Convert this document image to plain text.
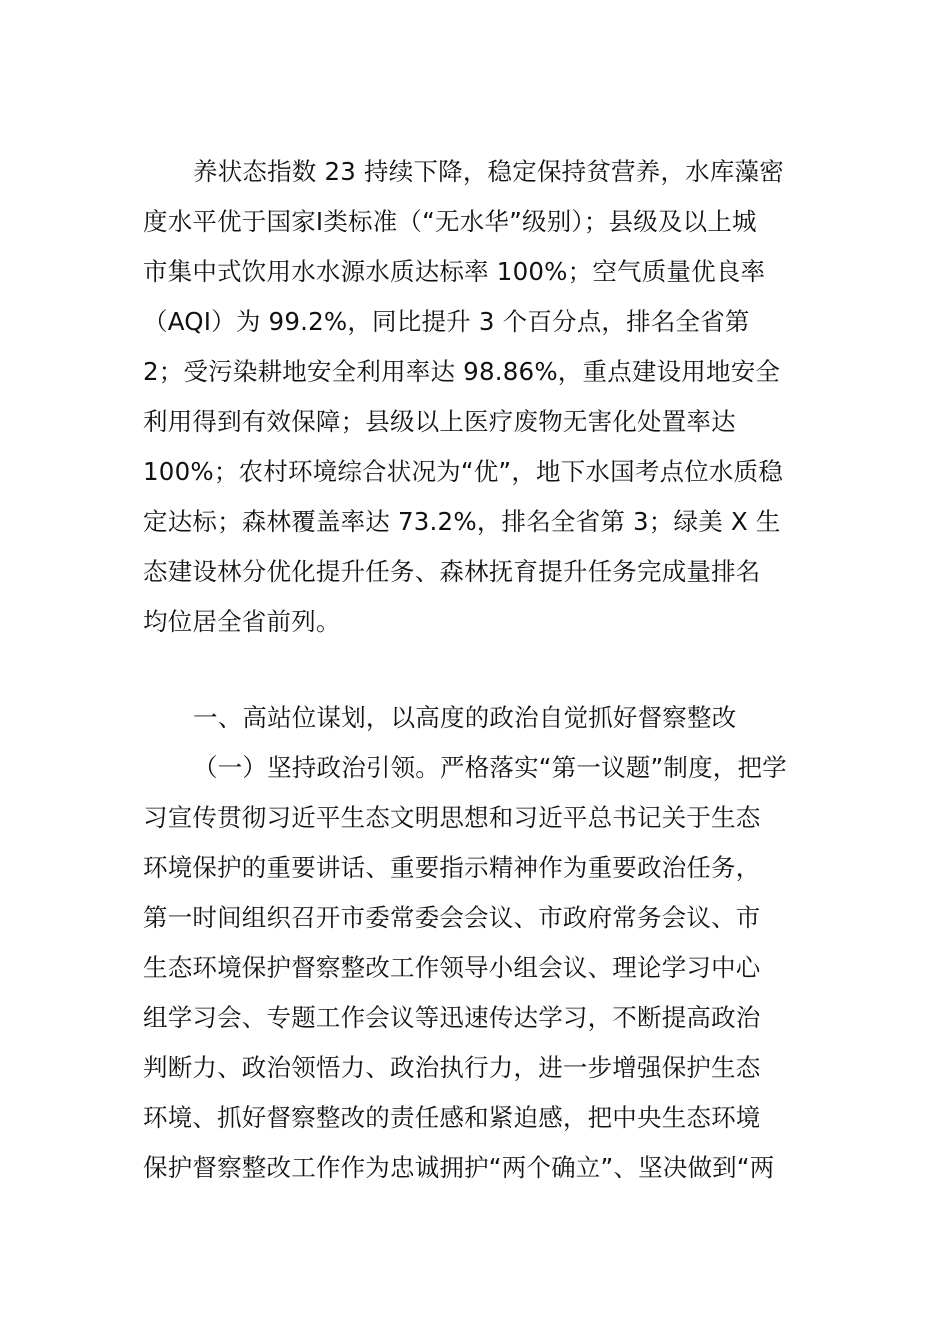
养状态指数 23 持续下降，稳定保持贫营养，水库藻密
度水平优于国家Ⅰ类标准（“无水华”级别）；县级及以上城
市集中式饮用水水源水质达标率 100%；空气质量优良率
（AQI）为 99.2%，同比提升 3 个百分点，排名全省第
2；受污染耕地安全利用率达 98.86%，重点建设用地安全
利用得到有效保障；县级以上医疗废物无害化处置率达
100%；农村环境综合状况为“优”，地下水国考点位水质稳
定达标；森林覆盖率达 73.2%，排名全省第 3；绿美 X 生
态建设林分优化提升任务、森林抚育提升任务完成量排名
均位居全省前列。
一、高站位谋划，以高度的政治自觉抓好督察整改
（一）坚持政治引领。严格落实“第一议题”制度，把学
习宣传贯彻习近平生态文明思想和习近平总书记关于生态
环境保护的重要讲话、重要指示精神作为重要政治任务，
第一时间组织召开市委常委会会议、市政府常务会议、市
生态环境保护督察整改工作领导小组会议、理论学习中心
组学习会、专题工作会议等迅速传达学习，不断提高政治
判断力、政治领悟力、政治执行力，进一步增强保护生态
环境、抓好督察整改的责任感和紧迫感，把中央生态环境
保护督察整改工作作为忠诚拥护“两个确立”、坚决做到“两
